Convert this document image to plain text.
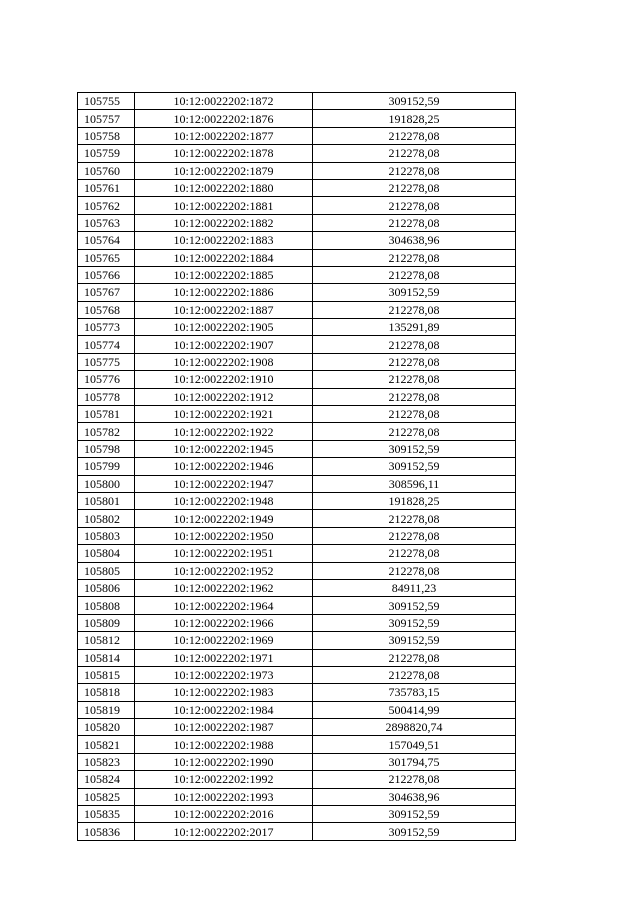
105755	10:12:0022202:1872	309152,59
105757	10:12:0022202:1876	191828,25
105758	10:12:0022202:1877	212278,08
105759	10:12:0022202:1878	212278,08
105760	10:12:0022202:1879	212278,08
105761	10:12:0022202:1880	212278,08
105762	10:12:0022202:1881	212278,08
105763	10:12:0022202:1882	212278,08
105764	10:12:0022202:1883	304638,96
105765	10:12:0022202:1884	212278,08
105766	10:12:0022202:1885	212278,08
105767	10:12:0022202:1886	309152,59
105768	10:12:0022202:1887	212278,08
105773	10:12:0022202:1905	135291,89
105774	10:12:0022202:1907	212278,08
105775	10:12:0022202:1908	212278,08
105776	10:12:0022202:1910	212278,08
105778	10:12:0022202:1912	212278,08
105781	10:12:0022202:1921	212278,08
105782	10:12:0022202:1922	212278,08
105798	10:12:0022202:1945	309152,59
105799	10:12:0022202:1946	309152,59
105800	10:12:0022202:1947	308596,11
105801	10:12:0022202:1948	191828,25
105802	10:12:0022202:1949	212278,08
105803	10:12:0022202:1950	212278,08
105804	10:12:0022202:1951	212278,08
105805	10:12:0022202:1952	212278,08
105806	10:12:0022202:1962	84911,23
105808	10:12:0022202:1964	309152,59
105809	10:12:0022202:1966	309152,59
105812	10:12:0022202:1969	309152,59
105814	10:12:0022202:1971	212278,08
105815	10:12:0022202:1973	212278,08
105818	10:12:0022202:1983	735783,15
105819	10:12:0022202:1984	500414,99
105820	10:12:0022202:1987	2898820,74
105821	10:12:0022202:1988	157049,51
105823	10:12:0022202:1990	301794,75
105824	10:12:0022202:1992	212278,08
105825	10:12:0022202:1993	304638,96
105835	10:12:0022202:2016	309152,59
105836	10:12:0022202:2017	309152,59
